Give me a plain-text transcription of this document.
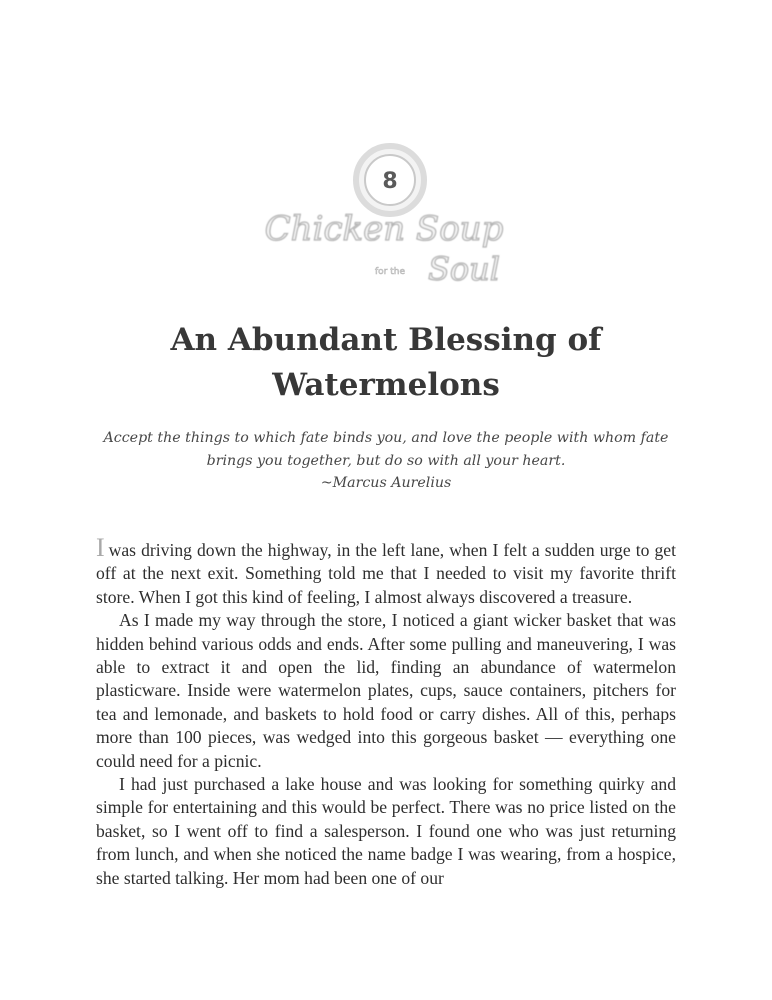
8
Chicken Soup
for the Soul
An Abundant Blessing of Watermelons
Accept the things to which fate binds you, and love the people with whom fate brings you together, but do so with all your heart.
~Marcus Aurelius

I was driving down the highway, in the left lane, when I felt a sudden urge to get off at the next exit. Something told me that I needed to visit my favorite thrift store. When I got this kind of feeling, I almost always discovered a treasure.

As I made my way through the store, I noticed a giant wicker basket that was hidden behind various odds and ends. After some pulling and maneuvering, I was able to extract it and open the lid, finding an abundance of watermelon plasticware. Inside were watermelon plates, cups, sauce containers, pitchers for tea and lemonade, and baskets to hold food or carry dishes. All of this, perhaps more than 100 pieces, was wedged into this gorgeous basket — everything one could need for a picnic.

I had just purchased a lake house and was looking for something quirky and simple for entertaining and this would be perfect. There was no price listed on the basket, so I went off to find a salesperson. I found one who was just returning from lunch, and when she noticed the name badge I was wearing, from a hospice, she started talking. Her mom had been one of our
